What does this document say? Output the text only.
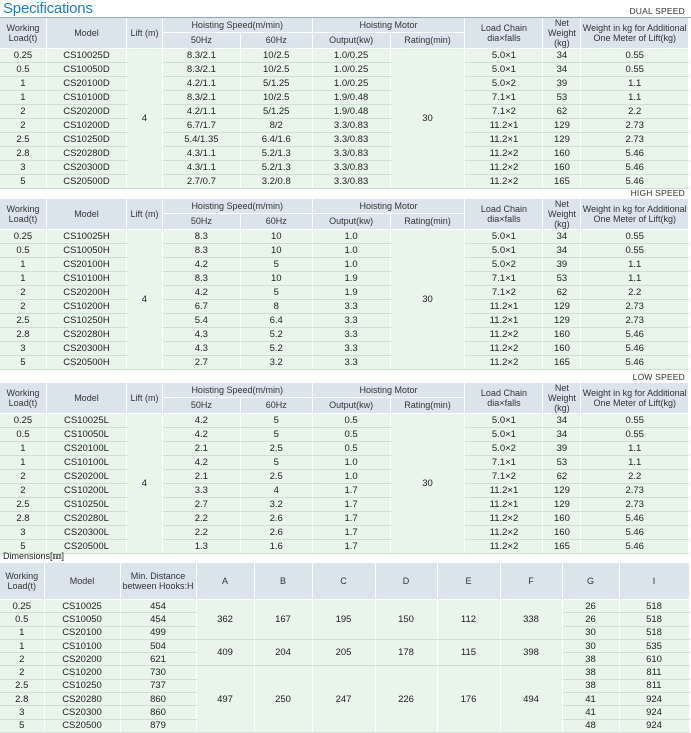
Specifications	DUAL SPEED
Working Load(t)	Model	Lift (m)	Hoisting Speed(m/min)		Hoisting Motor		Load Chain dia×falls	Net Weight (kg)	Weight in kg for Additional One Meter of Lift(kg)
			50Hz	60Hz	Output(kw)	Rating(min)			
0.25	CS10025D	4	8.3/2.1	10/2.5	1.0/0.25	30	5.0×1	34	0.55
0.5	CS10050D		8.3/2.1	10/2.5	1.0/0.25		5.0×1	34	0.55
1	CS20100D		4.2/1.1	5/1.25	1.0/0.25		5.0×2	39	1.1
1	CS10100D		8.3/2.1	10/2.5	1.9/0.48		7.1×1	53	1.1
2	CS20200D		4.2/1.1	5/1.25	1.9/0.48		7.1×2	62	2.2
2	CS10200D		6.7/1.7	8/2	3.3/0.83		11.2×1	129	2.73
2.5	CS10250D		5.4/1.35	6.4/1.6	3.3/0.83		11.2×1	129	2.73
2.8	CS20280D		4.3/1.1	5.2/1.3	3.3/0.83		11.2×2	160	5.46
3	CS20300D		4.3/1.1	5.2/1.3	3.3/0.83		11.2×2	160	5.46
5	CS20500D		2.7/0.7	3.2/0.8	3.3/0.83		11.2×2	165	5.46
HIGH SPEED
Working Load(t)	Model	Lift (m)	Hoisting Speed(m/min)		Hoisting Motor		Load Chain dia×falls	Net Weight (kg)	Weight in kg for Additional One Meter of Lift(kg)
			50Hz	60Hz	Output(kw)	Rating(min)			
0.25	CS10025H	4	8.3	10	1.0	30	5.0×1	34	0.55
0.5	CS10050H		8.3	10	1.0		5.0×1	34	0.55
1	CS20100H		4.2	5	1.0		5.0×2	39	1.1
1	CS10100H		8.3	10	1.9		7.1×1	53	1.1
2	CS20200H		4.2	5	1.9		7.1×2	62	2.2
2	CS10200H		6.7	8	3.3		11.2×1	129	2.73
2.5	CS10250H		5.4	6.4	3.3		11.2×1	129	2.73
2.8	CS20280H		4.3	5.2	3.3		11.2×2	160	5.46
3	CS20300H		4.3	5.2	3.3		11.2×2	160	5.46
5	CS20500H		2.7	3.2	3.3		11.2×2	165	5.46
LOW SPEED
Working Load(t)	Model	Lift (m)	Hoisting Speed(m/min)		Hoisting Motor		Load Chain dia×falls	Net Weight (kg)	Weight in kg for Additional One Meter of Lift(kg)
			50Hz	60Hz	Output(kw)	Rating(min)			
0.25	CS10025L	4	4.2	5	0.5	30	5.0×1	34	0.55
0.5	CS10050L		4.2	5	0.5		5.0×1	34	0.55
1	CS20100L		2.1	2.5	0.5		5.0×2	39	1.1
1	CS10100L		4.2	5	1.0		7.1×1	53	1.1
2	CS20200L		2.1	2.5	1.0		7.1×2	62	2.2
2	CS10200L		3.3	4	1.7		11.2×1	129	2.73
2.5	CS10250L		2.7	3.2	1.7		11.2×1	129	2.73
2.8	CS20280L		2.2	2.6	1.7		11.2×2	160	5.46
3	CS20300L		2.2	2.6	1.7		11.2×2	160	5.46
5	CS20500L		1.3	1.6	1.7		11.2×2	165	5.46
Dimensions[㎜]
Working Load(t)	Model	Min. Distance between Hooks:H	A	B	C	D	E	F	G	I
0.25	CS10025	454	362	167	195	150	112	338	26	518
0.5	CS10050	454							26	518
1	CS20100	499							30	518
1	CS10100	504	409	204	205	178	115	398	30	535
2	CS20200	621							38	610
2	CS10200	730	497	250	247	226	176	494	38	811
2.5	CS10250	737							38	811
2.8	CS20280	860							41	924
3	CS20300	860							41	924
5	CS20500	879							48	924
